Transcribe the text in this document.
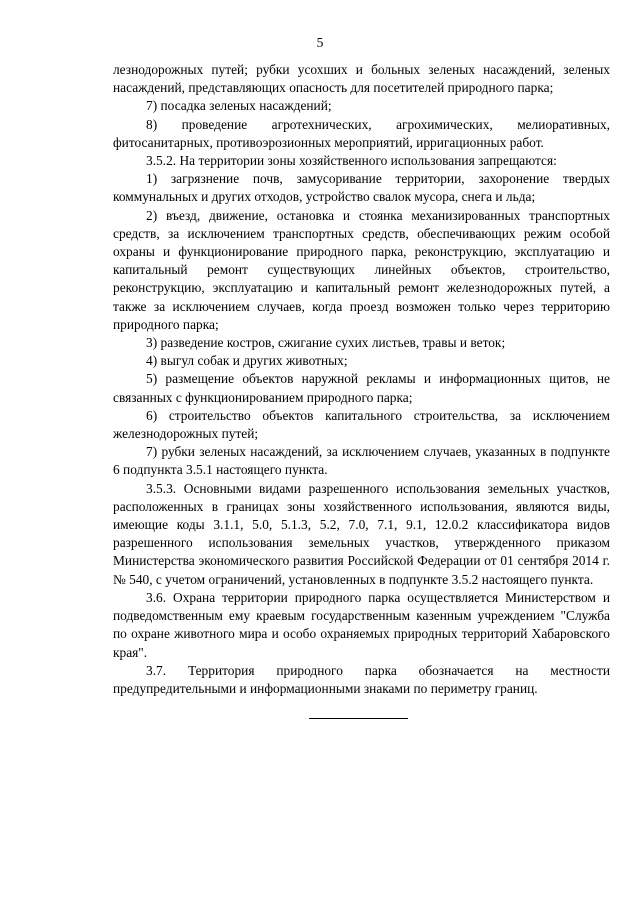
5

лезнодорожных путей; рубки усохших и больных зеленых насаждений, зеленых насаждений, представляющих опасность для посетителей природного парка;

7) посадка зеленых насаждений;

8) проведение агротехнических, агрохимических, мелиоративных, фитосанитарных, противоэрозионных мероприятий, ирригационных работ.

3.5.2. На территории зоны хозяйственного использования запрещаются:

1) загрязнение почв, замусоривание территории, захоронение твердых коммунальных и других отходов, устройство свалок мусора, снега и льда;

2) въезд, движение, остановка и стоянка механизированных транспортных средств, за исключением транспортных средств, обеспечивающих режим особой охраны и функционирование природного парка, реконструкцию, эксплуатацию и капитальный ремонт существующих линейных объектов, строительство, реконструкцию, эксплуатацию и капитальный ремонт железнодорожных путей, а также за исключением случаев, когда проезд возможен только через территорию природного парка;

3) разведение костров, сжигание сухих листьев, травы и веток;

4) выгул собак и других животных;

5) размещение объектов наружной рекламы и информационных щитов, не связанных с функционированием природного парка;

6) строительство объектов капитального строительства, за исключением железнодорожных путей;

7) рубки зеленых насаждений, за исключением случаев, указанных в подпункте 6 подпункта 3.5.1 настоящего пункта.

3.5.3. Основными видами разрешенного использования земельных участков, расположенных в границах зоны хозяйственного использования, являются виды, имеющие коды 3.1.1, 5.0, 5.1.3, 5.2, 7.0, 7.1, 9.1, 12.0.2 классификатора видов разрешенного использования земельных участков, утвержденного приказом Министерства экономического развития Российской Федерации от 01 сентября 2014 г. № 540, с учетом ограничений, установленных в подпункте 3.5.2 настоящего пункта.

3.6. Охрана территории природного парка осуществляется Министерством и подведомственным ему краевым государственным казенным учреждением "Служба по охране животного мира и особо охраняемых природных территорий Хабаровского края".

3.7. Территория природного парка обозначается на местности предупредительными и информационными знаками по периметру границ.
